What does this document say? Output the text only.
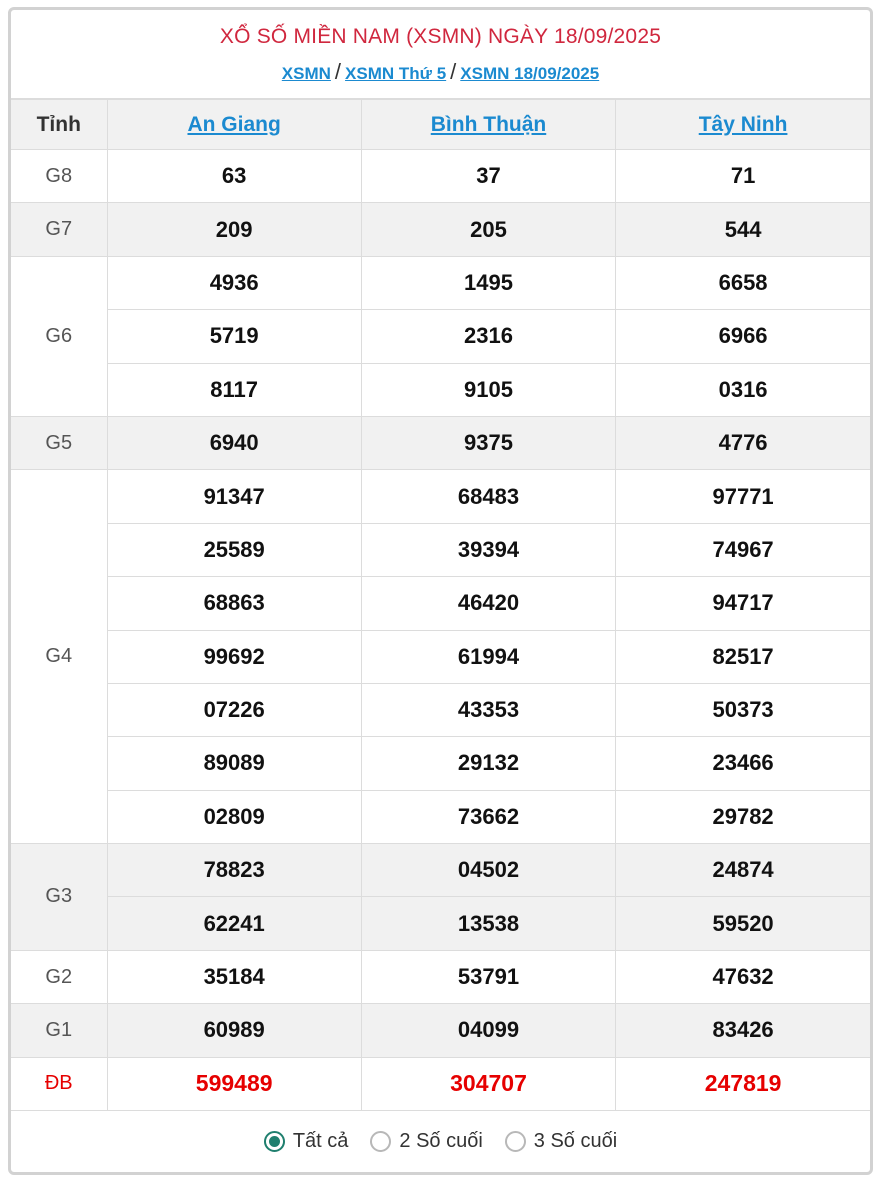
XỔ SỐ MIỀN NAM (XSMN) NGÀY 18/09/2025
XSMN / XSMN Thứ 5 / XSMN 18/09/2025
Tỉnh	An Giang	Bình Thuận	Tây Ninh
G8	63	37	71
G7	209	205	544
G6	4936	1495	6658
	5719	2316	6966
	8117	9105	0316
G5	6940	9375	4776
G4	91347	68483	97771
	25589	39394	74967
	68863	46420	94717
	99692	61994	82517
	07226	43353	50373
	89089	29132	23466
	02809	73662	29782
G3	78823	04502	24874
	62241	13538	59520
G2	35184	53791	47632
G1	60989	04099	83426
ĐB	599489	304707	247819
Tất cả	2 Số cuối	3 Số cuối
